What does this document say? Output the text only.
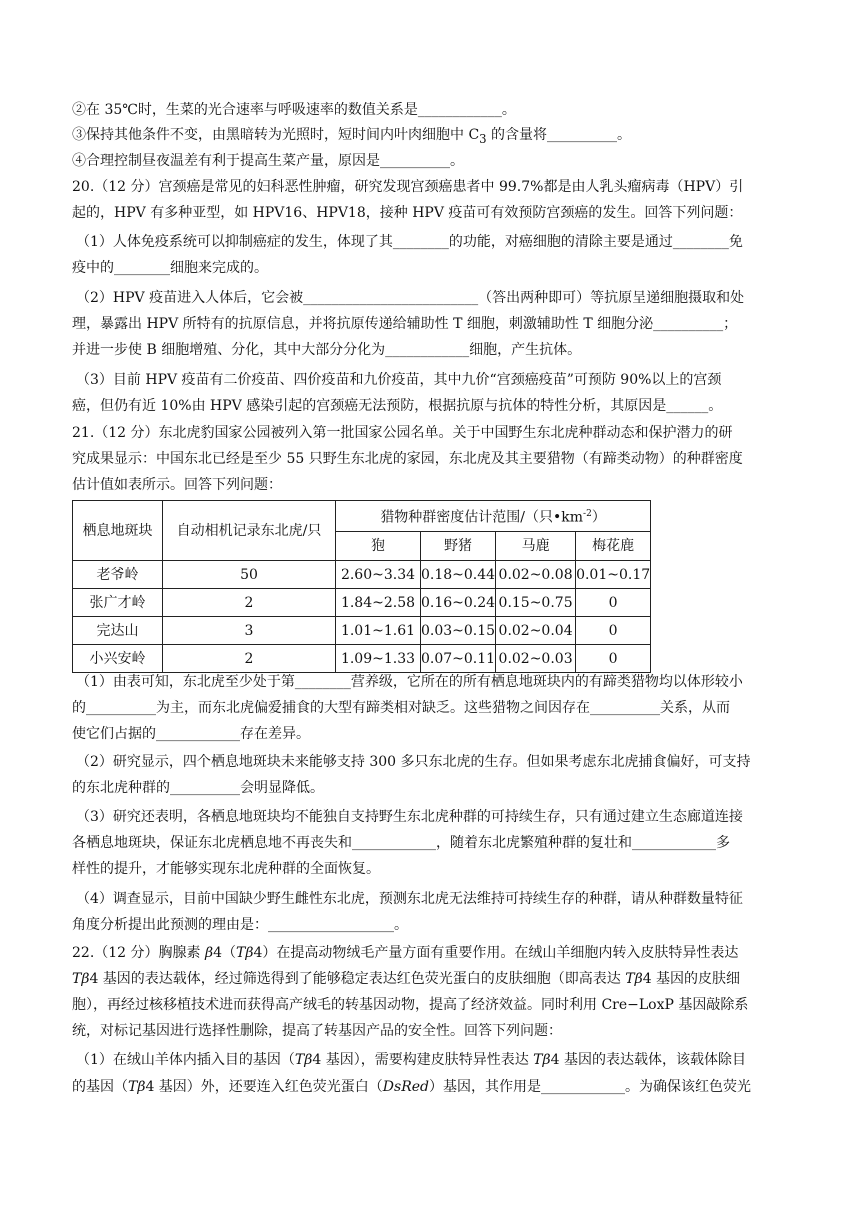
②在 35℃时，生菜的光合速率与呼吸速率的数值关系是____________。
③保持其他条件不变，由黑暗转为光照时，短时间内叶肉细胞中 $C_3$ 的含量将__________。
④合理控制昼夜温差有利于提高生菜产量，原因是__________。
20.（12 分）宫颈癌是常见的妇科恶性肿瘤，研究发现宫颈癌患者中 99.7%都是由人乳头瘤病毒（HPV）引
起的，HPV 有多种亚型，如 HPV16、HPV18，接种 HPV 疫苗可有效预防宫颈癌的发生。回答下列问题：
（1）人体免疫系统可以抑制癌症的发生，体现了其________的功能，对癌细胞的清除主要是通过________免
疫中的________细胞来完成的。
（2）HPV 疫苗进入人体后，它会被_________________________（答出两种即可）等抗原呈递细胞摄取和处
理，暴露出 HPV 所特有的抗原信息，并将抗原传递给辅助性 T 细胞，刺激辅助性 T 细胞分泌__________；
并进一步使 B 细胞增殖、分化，其中大部分分化为____________细胞，产生抗体。
（3）目前 HPV 疫苗有二价疫苗、四价疫苗和九价疫苗，其中九价“宫颈癌疫苗”可预防 90%以上的宫颈
癌，但仍有近 10%由 HPV 感染引起的宫颈癌无法预防，根据抗原与抗体的特性分析，其原因是______。
21.（12 分）东北虎豹国家公园被列入第一批国家公园名单。关于中国野生东北虎种群动态和保护潜力的研
究成果显示：中国东北已经是至少 55 只野生东北虎的家园，东北虎及其主要猎物（有蹄类动物）的种群密度
估计值如表所示。回答下列问题：
栖息地斑块	自动相机记录东北虎/只	猎物种群密度估计范围/（只$•km^{-2}$）			
		狍	野猪	马鹿	梅花鹿
老爷岭	50	2.60~3.34	0.18~0.44	0.02~0.08	0.01~0.17
张广才岭	2	1.84~2.58	0.16~0.24	0.15~0.75	0
完达山	3	1.01~1.61	0.03~0.15	0.02~0.04	0
小兴安岭	2	1.09~1.33	0.07~0.11	0.02~0.03	0
（1）由表可知，东北虎至少处于第________营养级，它所在的所有栖息地斑块内的有蹄类猎物均以体形较小
的__________为主，而东北虎偏爱捕食的大型有蹄类相对缺乏。这些猎物之间因存在__________关系，从而
使它们占据的____________存在差异。
（2）研究显示，四个栖息地斑块未来能够支持 300 多只东北虎的生存。但如果考虑东北虎捕食偏好，可支持
的东北虎种群的__________会明显降低。
（3）研究还表明，各栖息地斑块均不能独自支持野生东北虎种群的可持续生存，只有通过建立生态廊道连接
各栖息地斑块，保证东北虎栖息地不再丧失和____________，随着东北虎繁殖种群的复壮和____________多
样性的提升，才能够实现东北虎种群的全面恢复。
（4）调查显示，目前中国缺少野生雌性东北虎，预测东北虎无法维持可持续生存的种群，请从种群数量特征
角度分析提出此预测的理由是：__________________。
22.（12 分）胸腺素 β4（Tβ4）在提高动物绒毛产量方面有重要作用。在绒山羊细胞内转入皮肤特异性表达
Tβ4 基因的表达载体，经过筛选得到了能够稳定表达红色荧光蛋白的皮肤细胞（即高表达 Tβ4 基因的皮肤细
胞），再经过核移植技术进而获得高产绒毛的转基因动物，提高了经济效益。同时利用 Cre−LoxP 基因敲除系
统，对标记基因进行选择性删除，提高了转基因产品的安全性。回答下列问题：
（1）在绒山羊体内插入目的基因（Tβ4 基因），需要构建皮肤特异性表达 Tβ4 基因的表达载体，该载体除目
的基因（Tβ4 基因）外，还要连入红色荧光蛋白（DsRed）基因，其作用是____________。为确保该红色荧光
